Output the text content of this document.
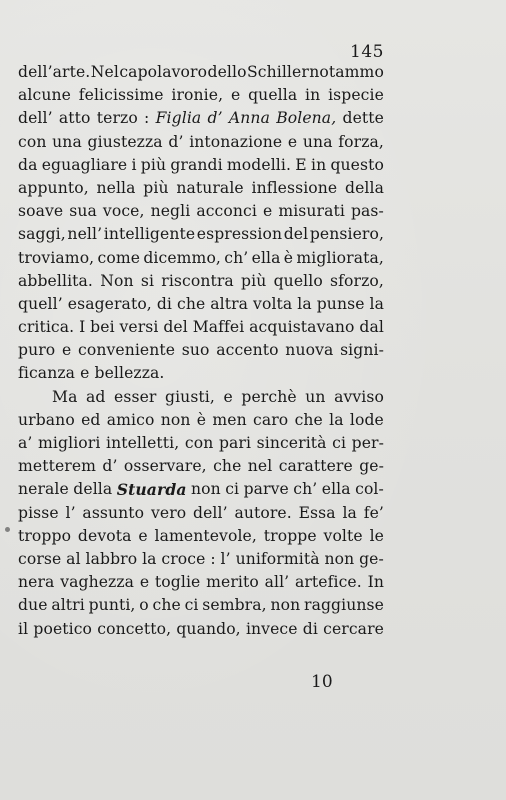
145
dell’arte. Nel capolavoro dello Schiller notammo
alcune felicissime ironie, e quella in ispecie
dell’ atto terzo : Figlia d’ Anna Bolena, dette
con una giustezza d’ intonazione e una forza,
da eguagliare i più grandi modelli. E in questo
appunto, nella più naturale inflessione della
soave sua voce, negli acconci e misurati pas-
saggi, nell’ intelligente espression del pensiero,
troviamo, come dicemmo, ch’ ella è migliorata,
abbellita. Non si riscontra più quello sforzo,
quell’ esagerato, di che altra volta la punse la
critica. I bei versi del Maffei acquistavano dal
puro e conveniente suo accento nuova signi-
ficanza e bellezza.
Ma ad esser giusti, e perchè un avviso
urbano ed amico non è men caro che la lode
a’ migliori intelletti, con pari sincerità ci per-
metterem d’ osservare, che nel carattere ge-
nerale della Stuarda non ci parve ch’ ella col-
pisse l’ assunto vero dell’ autore. Essa la fe’
troppo devota e lamentevole, troppe volte le
corse al labbro la croce : l’ uniformità non ge-
nera vaghezza e toglie merito all’ artefice. In
due altri punti, o che ci sembra, non raggiunse
il poetico concetto, quando, invece di cercare
10
